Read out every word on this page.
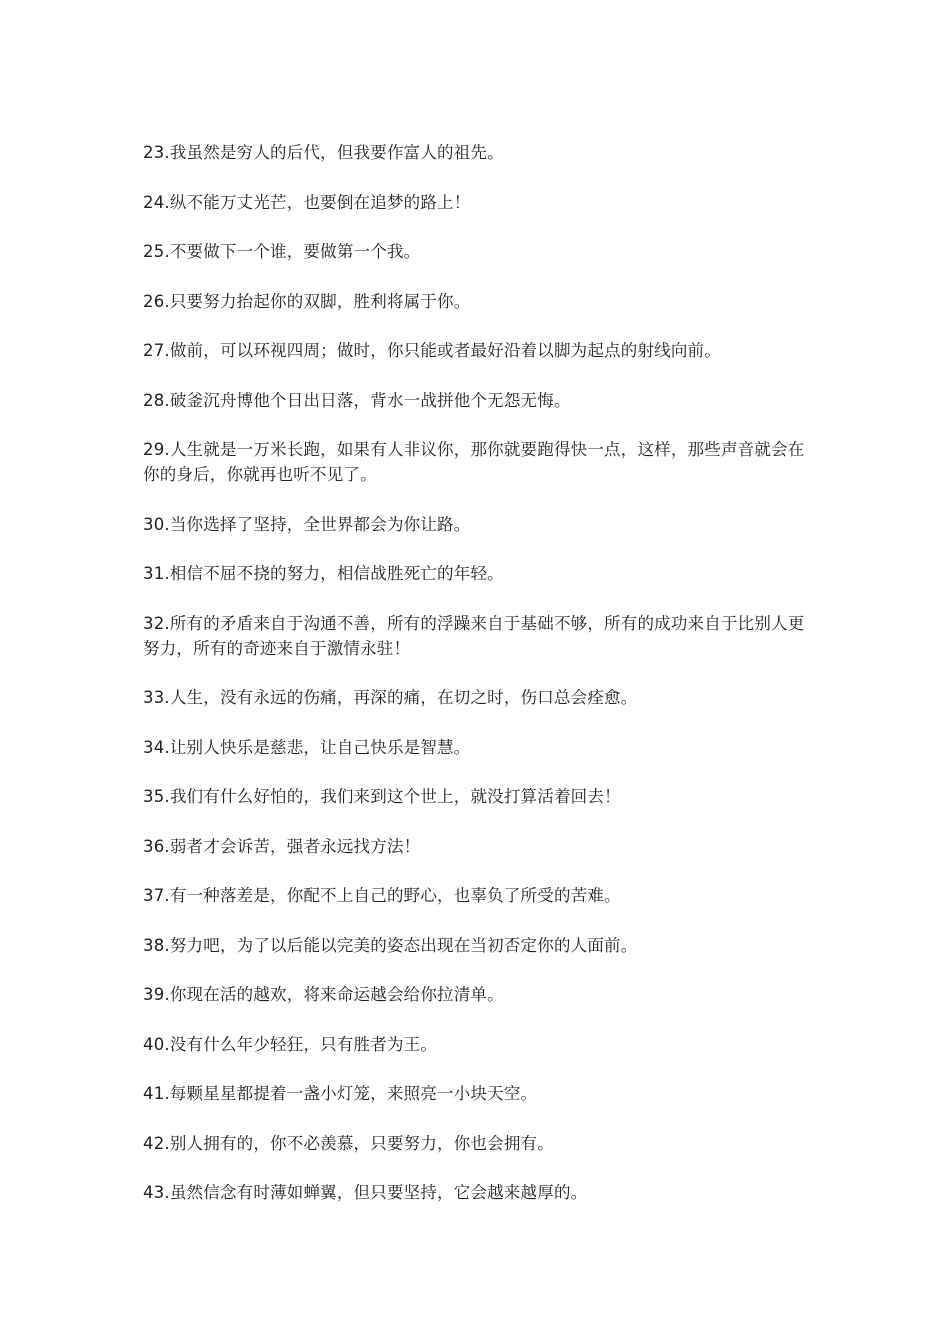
23.我虽然是穷人的后代，但我要作富人的祖先。
24.纵不能万丈光芒，也要倒在追梦的路上！
25.不要做下一个谁，要做第一个我。
26.只要努力抬起你的双脚，胜利将属于你。
27.做前，可以环视四周；做时，你只能或者最好沿着以脚为起点的射线向前。
28.破釜沉舟博他个日出日落，背水一战拼他个无怨无悔。
29.人生就是一万米长跑，如果有人非议你，那你就要跑得快一点，这样，那些声音就会在你的身后，你就再也听不见了。
30.当你选择了坚持，全世界都会为你让路。
31.相信不屈不挠的努力，相信战胜死亡的年轻。
32.所有的矛盾来自于沟通不善，所有的浮躁来自于基础不够，所有的成功来自于比别人更努力，所有的奇迹来自于激情永驻！
33.人生，没有永远的伤痛，再深的痛，在切之时，伤口总会痊愈。
34.让别人快乐是慈悲，让自己快乐是智慧。
35.我们有什么好怕的，我们来到这个世上，就没打算活着回去！
36.弱者才会诉苦，强者永远找方法！
37.有一种落差是，你配不上自己的野心，也辜负了所受的苦难。
38.努力吧，为了以后能以完美的姿态出现在当初否定你的人面前。
39.你现在活的越欢，将来命运越会给你拉清单。
40.没有什么年少轻狂，只有胜者为王。
41.每颗星星都提着一盏小灯笼，来照亮一小块天空。
42.别人拥有的，你不必羡慕，只要努力，你也会拥有。
43.虽然信念有时薄如蝉翼，但只要坚持，它会越来越厚的。
